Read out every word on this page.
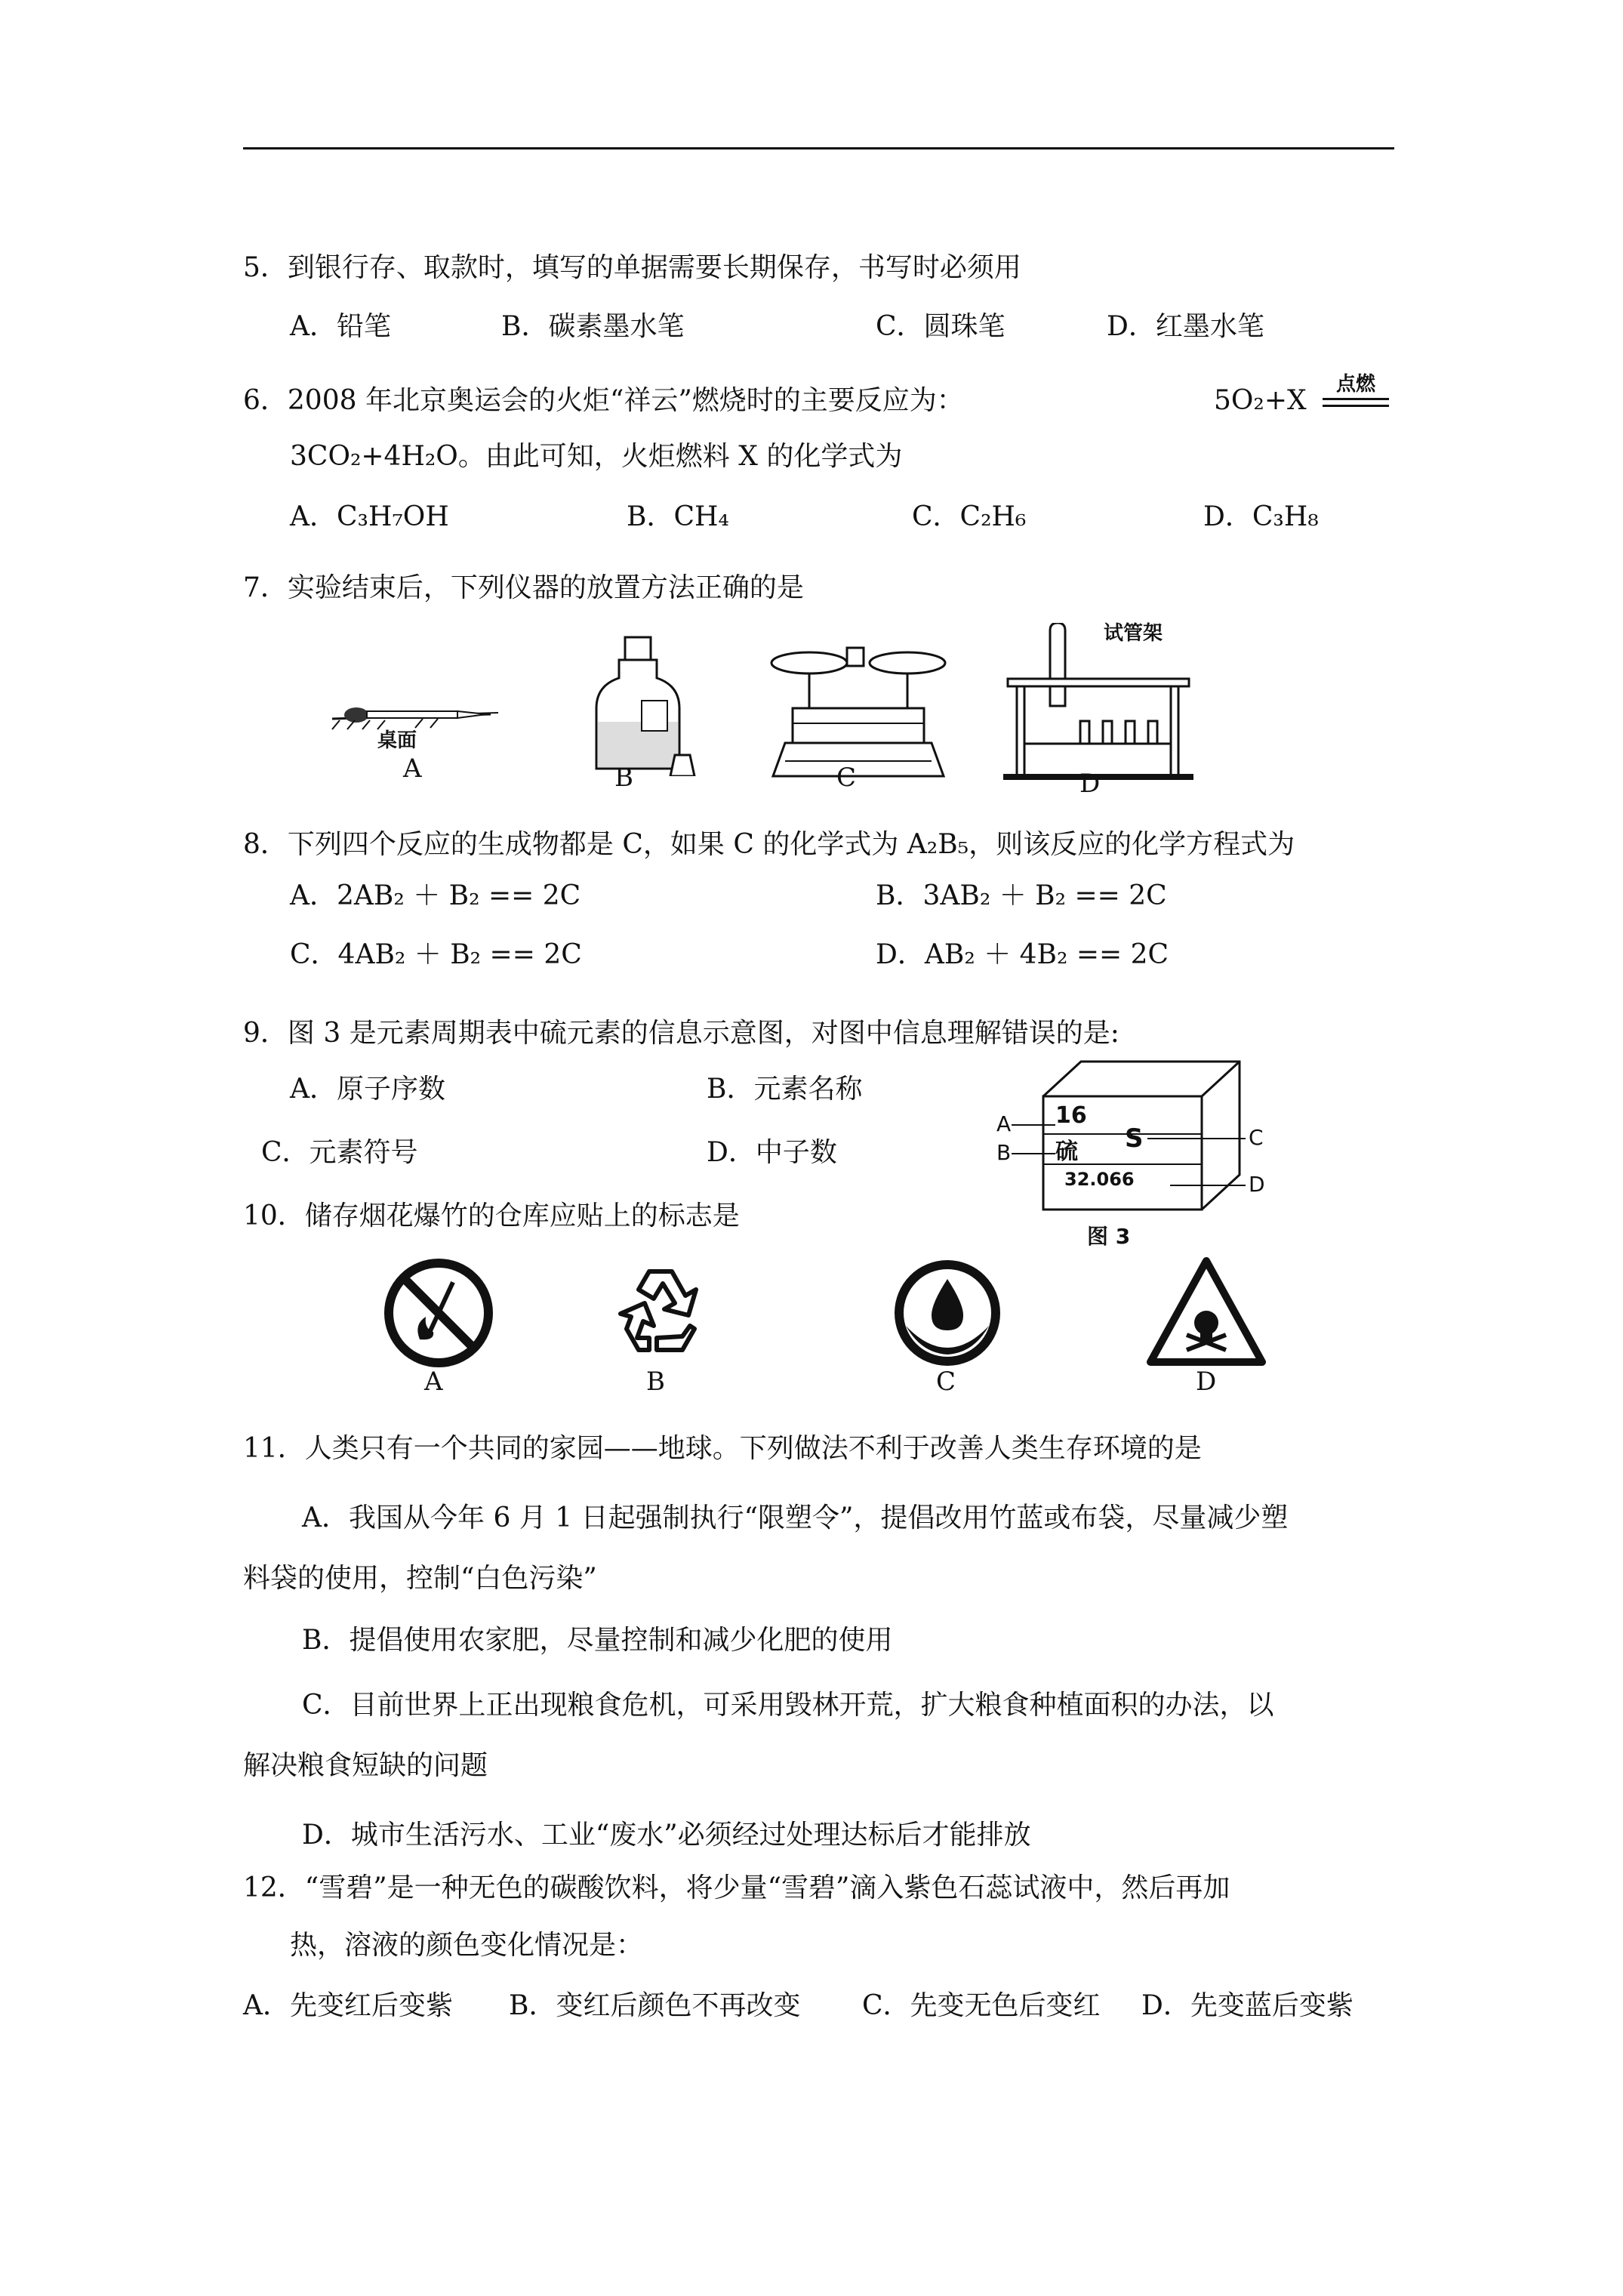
5．到银行存、取款时，填写的单据需要长期保存，书写时必须用
A．铅笔	B．碳素墨水笔	C．圆珠笔	D．红墨水笔
6．2008 年北京奥运会的火炬“祥云”燃烧时的主要反应为：	5O₂+X
点燃
3CO₂+4H₂O。由此可知，火炬燃料 X 的化学式为
A．C₃H₇OH	B．CH₄	C．C₂H₆	D．C₃H₈
7．实验结束后，下列仪器的放置方法正确的是
桌面
A	B	C
试管架
D
8．下列四个反应的生成物都是 C，如果 C 的化学式为 A₂B₅，则该反应的化学方程式为
A．2AB₂ ＋ B₂ == 2C	B．3AB₂ ＋ B₂ == 2C
C．4AB₂ ＋ B₂ == 2C	D．AB₂ ＋ 4B₂ == 2C
9．图 3 是元素周期表中硫元素的信息示意图，对图中信息理解错误的是:
A．原子序数	B．元素名称
C．元素符号	D．中子数
A
B
C
D
16
硫 S
32.066
图 3
10．储存烟花爆竹的仓库应贴上的标志是
A	B	C	D
11．人类只有一个共同的家园——地球。下列做法不利于改善人类生存环境的是
A．我国从今年 6 月 1 日起强制执行“限塑令”，提倡改用竹蓝或布袋，尽量减少塑
料袋的使用，控制“白色污染”
B．提倡使用农家肥，尽量控制和减少化肥的使用
C．目前世界上正出现粮食危机，可采用毁林开荒，扩大粮食种植面积的办法，以
解决粮食短缺的问题
D．城市生活污水、工业“废水”必须经过处理达标后才能排放
12．“雪碧”是一种无色的碳酸饮料，将少量“雪碧”滴入紫色石蕊试液中，然后再加
热，溶液的颜色变化情况是：
A．先变红后变紫 B．变红后颜色不再改变 C．先变无色后变红 D．先变蓝后变紫
